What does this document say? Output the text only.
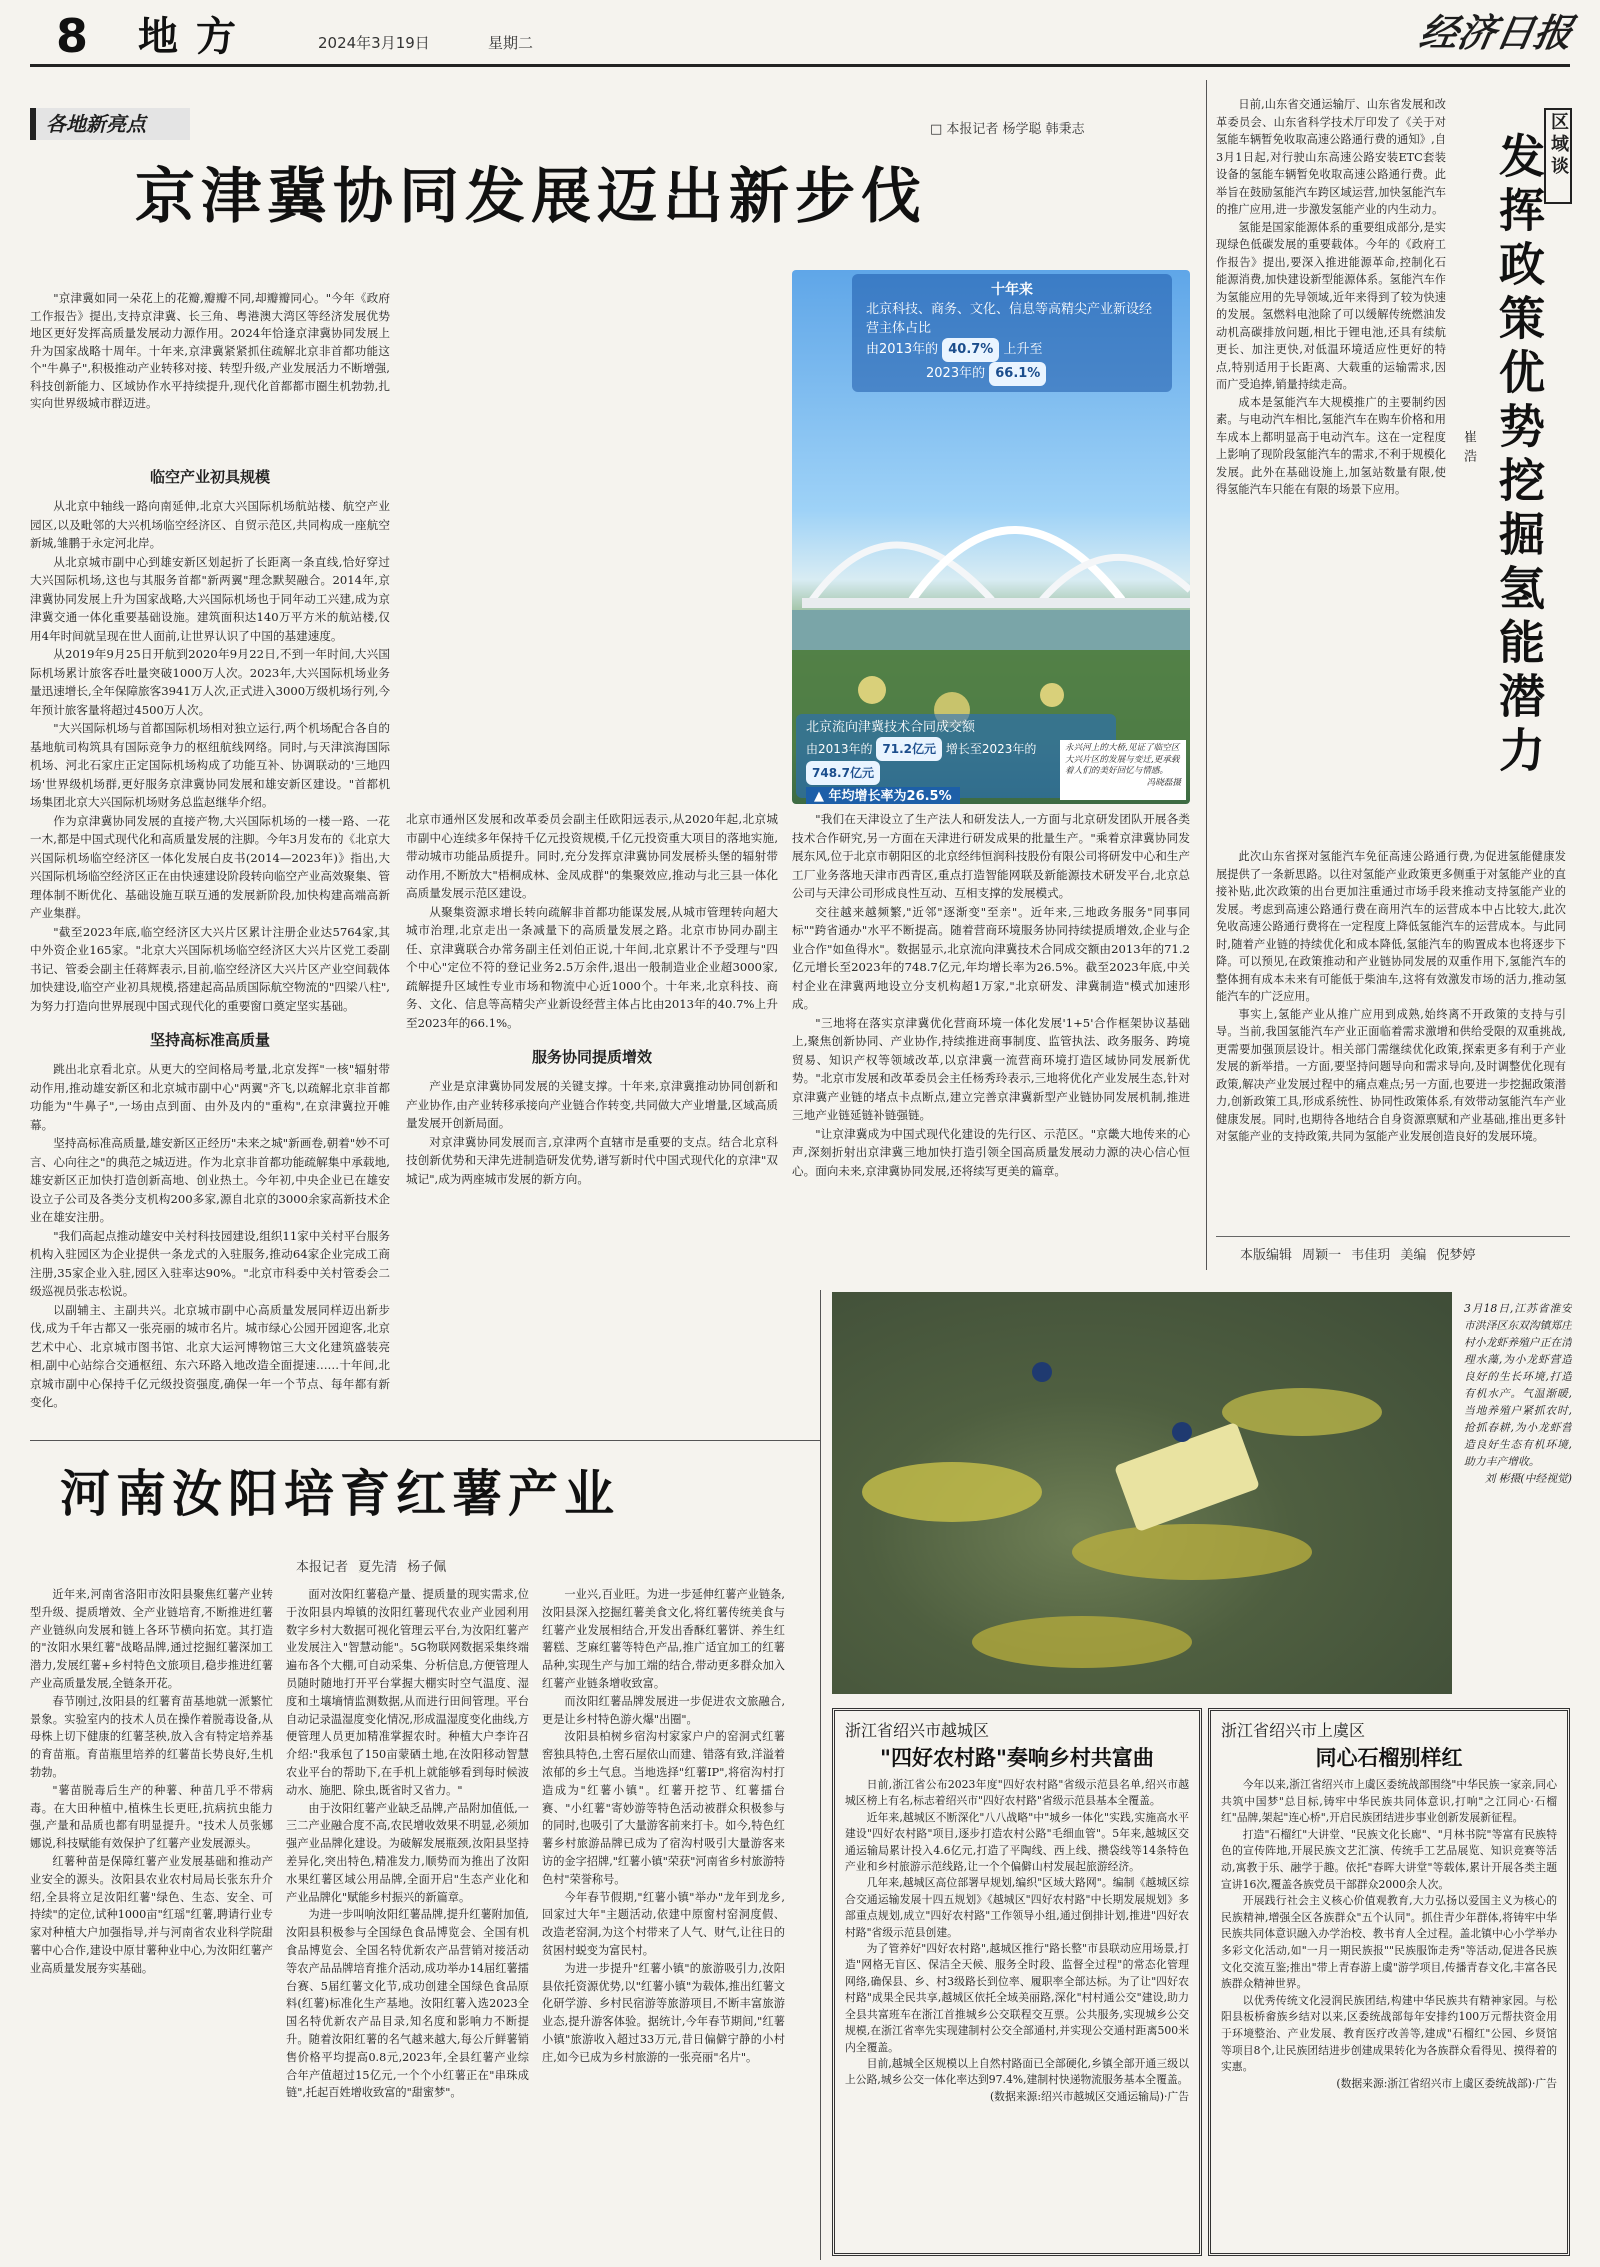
8 地方	2024年3月19日	星期二	经济日报
各地新亮点	□ 本报记者 杨学聪 韩秉志
京津冀协同发展迈出新步伐
"京津冀如同一朵花上的花瓣,瓣瓣不同,却瓣瓣同心。"今年《政府工作报告》提出,支持京津冀、长三角、粤港澳大湾区等经济发展优势地区更好发挥高质量发展动力源作用。2024年恰逢京津冀协同发展上升为国家战略十周年。十年来,京津冀紧紧抓住疏解北京非首都功能这个"牛鼻子",积极推动产业转移对接、转型升级,产业发展活力不断增强,科技创新能力、区域协作水平持续提升,现代化首都都市圈生机勃勃,扎实向世界级城市群迈进。
十年来
北京科技、商务、文化、信息等高精尖产业新设经营主体占比
由2013年的 40.7% 上升至
2023年的 66.1%
北京流向津冀技术合同成交额
由2013年的 71.2亿元 增长至2023年的 748.7亿元
▲ 年均增长率为26.5%
永兴河上的大桥,见证了临空区大兴片区的发展与变迁,更承载着人们的美好回忆与情感。
冯晓磊摄
临空产业初具规模

从北京中轴线一路向南延伸,北京大兴国际机场航站楼、航空产业园区,以及毗邻的大兴机场临空经济区、自贸示范区,共同构成一座航空新城,雏鹏于永定河北岸。

从北京城市副中心到雄安新区划起折了长距离一条直线,恰好穿过大兴国际机场,这也与其服务首都"新两翼"理念默契融合。2014年,京津冀协同发展上升为国家战略,大兴国际机场也于同年动工兴建,成为京津冀交通一体化重要基础设施。建筑面积达140万平方米的航站楼,仅用4年时间就呈现在世人面前,让世界认识了中国的基建速度。

从2019年9月25日开航到2020年9月22日,不到一年时间,大兴国际机场累计旅客吞吐量突破1000万人次。2023年,大兴国际机场业务量迅速增长,全年保障旅客3941万人次,正式进入3000万级机场行列,今年预计旅客量将超过4500万人次。

"大兴国际机场与首都国际机场相对独立运行,两个机场配合各自的基地航司构筑具有国际竞争力的枢纽航线网络。同时,与天津滨海国际机场、河北石家庄正定国际机场构成了功能互补、协调联动的'三地四场'世界级机场群,更好服务京津冀协同发展和雄安新区建设。"首都机场集团北京大兴国际机场财务总监赵继华介绍。

作为京津冀协同发展的直接产物,大兴国际机场的一楼一路、一花一木,都是中国式现代化和高质量发展的注脚。今年3月发布的《北京大兴国际机场临空经济区一体化发展白皮书(2014—2023年)》指出,大兴国际机场临空经济区正在由快速建设阶段转向临空产业高效聚集、管理体制不断优化、基础设施互联互通的发展新阶段,加快构建高端高新产业集群。

"截至2023年底,临空经济区大兴片区累计注册企业达5764家,其中外资企业165家。"北京大兴国际机场临空经济区大兴片区党工委副书记、管委会副主任蒋辉表示,目前,临空经济区大兴片区产业空间载体加快建设,临空产业初具规模,搭建起高品质国际航空物流的"四梁八柱",为努力打造向世界展现中国式现代化的重要窗口奠定坚实基础。

坚持高标准高质量

跳出北京看北京。从更大的空间格局考量,北京发挥"一核"辐射带动作用,推动雄安新区和北京城市副中心"两翼"齐飞,以疏解北京非首都功能为"牛鼻子",一场由点到面、由外及内的"重构",在京津冀拉开帷幕。

坚持高标准高质量,雄安新区正经历"未来之城"新画卷,朝着"妙不可言、心向往之"的典范之城迈进。作为北京非首都功能疏解集中承载地,雄安新区正加快打造创新高地、创业热土。今年初,中央企业已在雄安设立子公司及各类分支机构200多家,源自北京的3000余家高新技术企业在雄安注册。

"我们高起点推动雄安中关村科技园建设,组织11家中关村平台服务机构入驻园区为企业提供一条龙式的入驻服务,推动64家企业完成工商注册,35家企业入驻,园区入驻率达90%。"北京市科委中关村管委会二级巡视员张志松说。

以副辅主、主副共兴。北京城市副中心高质量发展同样迈出新步伐,成为千年古都又一张亮丽的城市名片。城市绿心公园开园迎客,北京艺术中心、北京城市图书馆、北京大运河博物馆三大文化建筑盛装亮相,副中心站综合交通枢纽、东六环路入地改造全面提速……十年间,北京城市副中心保持千亿元级投资强度,确保一年一个节点、每年都有新变化。

北京市通州区发展和改革委员会副主任欧阳远表示,从2020年起,北京城市副中心连续多年保持千亿元投资规模,千亿元投资重大项目的落地实施,带动城市功能品质提升。同时,充分发挥京津冀协同发展桥头堡的辐射带动作用,不断放大"梧桐成林、金凤成群"的集聚效应,推动与北三县一体化高质量发展示范区建设。

从聚集资源求增长转向疏解非首都功能谋发展,从城市管理转向超大城市治理,北京走出一条减量下的高质量发展之路。北京市协同办副主任、京津冀联合办常务副主任刘伯正说,十年间,北京累计不予受理与"四个中心"定位不符的登记业务2.5万余件,退出一般制造业企业超3000家,疏解提升区域性专业市场和物流中心近1000个。十年来,北京科技、商务、文化、信息等高精尖产业新设经营主体占比由2013年的40.7%上升至2023年的66.1%。

服务协同提质增效

产业是京津冀协同发展的关键支撑。十年来,京津冀推动协同创新和产业协作,由产业转移承接向产业链合作转变,共同做大产业增量,区域高质量发展开创新局面。

对京津冀协同发展而言,京津两个直辖市是重要的支点。结合北京科技创新优势和天津先进制造研发优势,谱写新时代中国式现代化的京津"双城记",成为两座城市发展的新方向。

"我们在天津设立了生产法人和研发法人,一方面与北京研发团队开展各类技术合作研究,另一方面在天津进行研发成果的批量生产。"乘着京津冀协同发展东风,位于北京市朝阳区的北京经纬恒润科技股份有限公司将研发中心和生产工厂业务落地天津市西青区,重点打造智能网联及新能源技术研发平台,北京总公司与天津公司形成良性互动、互相支撑的发展模式。

交往越来越频繁,"近邻"逐渐变"至亲"。近年来,三地政务服务"同事同标""跨省通办"水平不断提高。随着营商环境服务协同持续提质增效,企业与企业合作"如鱼得水"。数据显示,北京流向津冀技术合同成交额由2013年的71.2亿元增长至2023年的748.7亿元,年均增长率为26.5%。截至2023年底,中关村企业在津冀两地设立分支机构超1万家,"北京研发、津冀制造"模式加速形成。

"三地将在落实京津冀优化营商环境一体化发展'1+5'合作框架协议基础上,聚焦创新协同、产业协作,持续推进商事制度、监管执法、政务服务、跨境贸易、知识产权等领域改革,以京津冀一流营商环境打造区域协同发展新优势。"北京市发展和改革委员会主任杨秀玲表示,三地将优化产业发展生态,针对京津冀产业链的堵点卡点断点,建立完善京津冀新型产业链协同发展机制,推进三地产业链延链补链强链。

"让京津冀成为中国式现代化建设的先行区、示范区。"京畿大地传来的心声,深刻折射出京津冀三地加快打造引领全国高质量发展动力源的决心信心恒心。面向未来,京津冀协同发展,还将续写更美的篇章。

日前,山东省交通运输厅、山东省发展和改革委员会、山东省科学技术厅印发了《关于对氢能车辆暂免收取高速公路通行费的通知》,自3月1日起,对行驶山东高速公路安装ETC套装设备的氢能车辆暂免收取高速公路通行费。此举旨在鼓励氢能汽车跨区域运营,加快氢能汽车的推广应用,进一步激发氢能产业的内生动力。

氢能是国家能源体系的重要组成部分,是实现绿色低碳发展的重要载体。今年的《政府工作报告》提出,要深入推进能源革命,控制化石能源消费,加快建设新型能源体系。氢能汽车作为氢能应用的先导领域,近年来得到了较为快速的发展。氢燃料电池除了可以缓解传统燃油发动机高碳排放问题,相比于锂电池,还具有续航更长、加注更快,对低温环境适应性更好的特点,特别适用于长距离、大载重的运输需求,因而广受追捧,销量持续走高。

成本是氢能汽车大规模推广的主要制约因素。与电动汽车相比,氢能汽车在购车价格和用车成本上都明显高于电动汽车。这在一定程度上影响了现阶段氢能汽车的需求,不利于规模化发展。此外在基础设施上,加氢站数量有限,使得氢能汽车只能在有限的场景下应用。

崔浩
区域谈
发挥政策优势挖掘氢能潜力

此次山东省探对氢能汽车免征高速公路通行费,为促进氢能健康发展提供了一条新思路。以往对氢能产业政策更多侧重于对氢能产业的直接补贴,此次政策的出台更加注重通过市场手段来推动支持氢能产业的发展。考虑到高速公路通行费在商用汽车的运营成本中占比较大,此次免收高速公路通行费将在一定程度上降低氢能汽车的运营成本。与此同时,随着产业链的持续优化和成本降低,氢能汽车的购置成本也将逐步下降。可以预见,在政策推动和产业链协同发展的双重作用下,氢能汽车的整体拥有成本未来有可能低于柴油车,这将有效激发市场的活力,推动氢能汽车的广泛应用。

事实上,氢能产业从推广应用到成熟,始终离不开政策的支持与引导。当前,我国氢能汽车产业正面临着需求激增和供给受限的双重挑战,更需要加强顶层设计。相关部门需继续优化政策,探索更多有利于产业发展的新举措。一方面,要坚持问题导向和需求导向,及时调整优化现有政策,解决产业发展过程中的痛点难点;另一方面,也要进一步挖掘政策潜力,创新政策工具,形成系统性、协同性政策体系,有效带动氢能汽车产业健康发展。同时,也期待各地结合自身资源禀赋和产业基础,推出更多针对氢能产业的支持政策,共同为氢能产业发展创造良好的发展环境。

本版编辑 周颖一 韦佳玥 美编 倪梦婷
河南汝阳培育红薯产业
本报记者 夏先清 杨子佩

近年来,河南省洛阳市汝阳县聚焦红薯产业转型升级、提质增效、全产业链培育,不断推进红薯产业链纵向发展和链上各环节横向拓宽。其打造的"汝阳水果红薯"战略品牌,通过挖掘红薯深加工潜力,发展红薯+乡村特色文旅项目,稳步推进红薯产业高质量发展,全链条开花。

春节刚过,汝阳县的红薯育苗基地就一派繁忙景象。实验室内的技术人员在操作着脱毒设备,从母株上切下健康的红薯茎秧,放入含有特定培养基的育苗瓶。育苗瓶里培养的红薯苗长势良好,生机勃勃。

"薯苗脱毒后生产的种薯、种苗几乎不带病毒。在大田种植中,植株生长更旺,抗病抗虫能力强,产量和品质也都有明显提升。"技术人员张娜娜说,科技赋能有效保护了红薯产业发展源头。

红薯种苗是保障红薯产业发展基础和推动产业安全的源头。汝阳县农业农村局局长张东升介绍,全县将立足汝阳红薯"绿色、生态、安全、可持续"的定位,试种1000亩"红瑶"红薯,聘请行业专家对种植大户加强指导,并与河南省农业科学院甜薯中心合作,建设中原甘薯种业中心,为汝阳红薯产业高质量发展夯实基础。

面对汝阳红薯稳产量、提质量的现实需求,位于汝阳县内埠镇的汝阳红薯现代农业产业园利用数字乡村大数据可视化管理云平台,为汝阳红薯产业发展注入"智慧动能"。5G物联网数据采集终端遍布各个大棚,可自动采集、分析信息,方便管理人员随时随地打开平台掌握大棚实时空气温度、湿度和土壤墒情监测数据,从而进行田间管理。平台自动记录温湿度变化情况,形成温湿度变化曲线,方便管理人员更加精准掌握农时。种植大户李许召介绍:"我承包了150亩蒙硒土地,在汝阳移动智慧农业平台的帮助下,在手机上就能够看到每时候波动水、施肥、除虫,既省时又省力。"

由于汝阳红薯产业缺乏品牌,产品附加值低,一三二产业融合度不高,农民增收效果不明显,必须加强产业品牌化建设。为破解发展瓶颈,汝阳县坚持差异化,突出特色,精准发力,顺势而为推出了汝阳水果红薯区域公用品牌,全面开启"生态产业化和产业品牌化"赋能乡村振兴的新篇章。

为进一步叫响汝阳红薯品牌,提升红薯附加值,汝阳县积极参与全国绿色食品博览会、全国有机食品博览会、全国名特优新农产品营销对接活动等农产品品牌培育推介活动,成功举办14届红薯擂台赛、5届红薯文化节,成功创建全国绿色食品原料(红薯)标准化生产基地。汝阳红薯入选2023全国名特优新农产品目录,知名度和影响力不断提升。随着汝阳红薯的名气越来越大,每公斤鲜薯销售价格平均提高0.8元,2023年,全县红薯产业综合年产值超过15亿元,一个个小红薯正在"串珠成链",托起百姓增收致富的"甜蜜梦"。

一业兴,百业旺。为进一步延伸红薯产业链条,汝阳县深入挖掘红薯美食文化,将红薯传统美食与红薯产业发展相结合,开发出香酥红薯饼、养生红薯糕、芝麻红薯等特色产品,推广适宜加工的红薯品种,实现生产与加工端的结合,带动更多群众加入红薯产业链条增收致富。

而汝阳红薯品牌发展进一步促进农文旅融合,更是让乡村特色游火爆"出圈"。

汝阳县柏树乡宿沟村家家户户的窑洞式红薯窖独具特色,土窖石屋依山而建、错落有致,洋溢着浓郁的乡土气息。当地选择"红薯IP",将宿沟村打造成为"红薯小镇"。红薯开挖节、红薯擂台赛、"小红薯"寄妙游等特色活动被群众积极参与的同时,也吸引了大量游客前来打卡。如今,特色红薯乡村旅游品牌已成为了宿沟村吸引大量游客来访的金字招牌,"红薯小镇"荣获"河南省乡村旅游特色村"荣誉称号。

今年春节假期,"红薯小镇"举办"龙年到龙乡,回家过大年"主题活动,依建中原窗村窑洞度假、改造老窑洞,为这个村带来了人气、财气,让往日的贫困村蜕变为富民村。

为进一步提升"红薯小镇"的旅游吸引力,汝阳县依托资源优势,以"红薯小镇"为载体,推出红薯文化研学游、乡村民宿游等旅游项目,不断丰富旅游业态,提升游客体验。据统计,今年春节期间,"红薯小镇"旅游收入超过33万元,昔日偏僻宁静的小村庄,如今已成为乡村旅游的一张亮丽"名片"。

3月18日,江苏省淮安市洪泽区东双沟镇郑庄村小龙虾养殖户正在清理水藻,为小龙虾营造良好的生长环境,打造有机水产。气温渐暖,当地养殖户紧抓农时,抢抓春耕,为小龙虾营造良好生态有机环境,助力丰产增收。
刘 彬摄(中经视觉)
浙江省绍兴市越城区
"四好农村路"奏响乡村共富曲

日前,浙江省公布2023年度"四好农村路"省级示范县名单,绍兴市越城区榜上有名,标志着绍兴市"四好农村路"省级示范县基本全覆盖。

近年来,越城区不断深化"八八战略"中"城乡一体化"实践,实施高水平建设"四好农村路"项目,逐步打造农村公路"毛细血管"。5年来,越城区交通运输局累计投入4.6亿元,打造了平陶线、西上线、攒袋线等14条特色产业和乡村旅游示范线路,让一个个偏僻山村发展起旅游经济。

几年来,越城区高位部署早规划,编织"区域大路网"。编制《越城区综合交通运输发展十四五规划》《越城区"四好农村路"中长期发展规划》多部重点规划,成立"四好农村路"工作领导小组,通过倒排计划,推进"四好农村路"省级示范县创建。

为了管养好"四好农村路",越城区推行"路长整"市县联动应用场景,打造"网格无盲区、保洁全天候、服务全时段、监督全过程"的常态化管理网络,确保县、乡、村3级路长到位率、履职率全部达标。为了让"四好农村路"成果全民共享,越城区依托全域美丽路,深化"村村通公交"建设,助力全县共富班车在浙江首推城乡公交联程交互票。公共服务,实现城乡公交规模,在浙江省率先实现建制村公交全部通村,并实现公交通村距离500米内全覆盖。

目前,越城全区规模以上自然村路面已全部硬化,乡镇全部开通三级以上公路,城乡公交一体化率达到97.4%,建制村快递物流服务基本全覆盖。

(数据来源:绍兴市越城区交通运输局)·广告
浙江省绍兴市上虞区
同心石榴别样红

今年以来,浙江省绍兴市上虞区委统战部围绕"中华民族一家亲,同心共筑中国梦"总目标,铸牢中华民族共同体意识,打响"之江同心·石榴红"品牌,架起"连心桥",开启民族团结进步事业创新发展新征程。

打造"石榴红"大讲堂、"民族文化长廊"、"月林书院"等富有民族特色的宣传阵地,开展民族文艺汇演、传统手工艺品展览、知识竞赛等活动,寓教于乐、融学于趣。依托"春晖大讲堂"等载体,累计开展各类主题宣讲16次,覆盖各族党员干部群众2000余人次。

开展践行社会主义核心价值观教育,大力弘扬以爱国主义为核心的民族精神,增强全区各族群众"五个认同"。抓住青少年群体,将铸牢中华民族共同体意识融入办学治校、教书育人全过程。盖北镇中心小学举办多彩文化活动,如"一月一期民族报""民族服饰走秀"等活动,促进各民族文化交流互鉴;推出"带上青春游上虞"游学项目,传播青春文化,丰富各民族群众精神世界。

以优秀传统文化浸润民族团结,构建中华民族共有精神家园。与松阳县板桥畲族乡结对以来,区委统战部每年安排约100万元帮扶资金用于环境整治、产业发展、教育医疗改善等,建成"石榴红"公园、乡贤馆等项目8个,让民族团结进步创建成果转化为各族群众看得见、摸得着的实惠。

(数据来源:浙江省绍兴市上虞区委统战部)·广告
